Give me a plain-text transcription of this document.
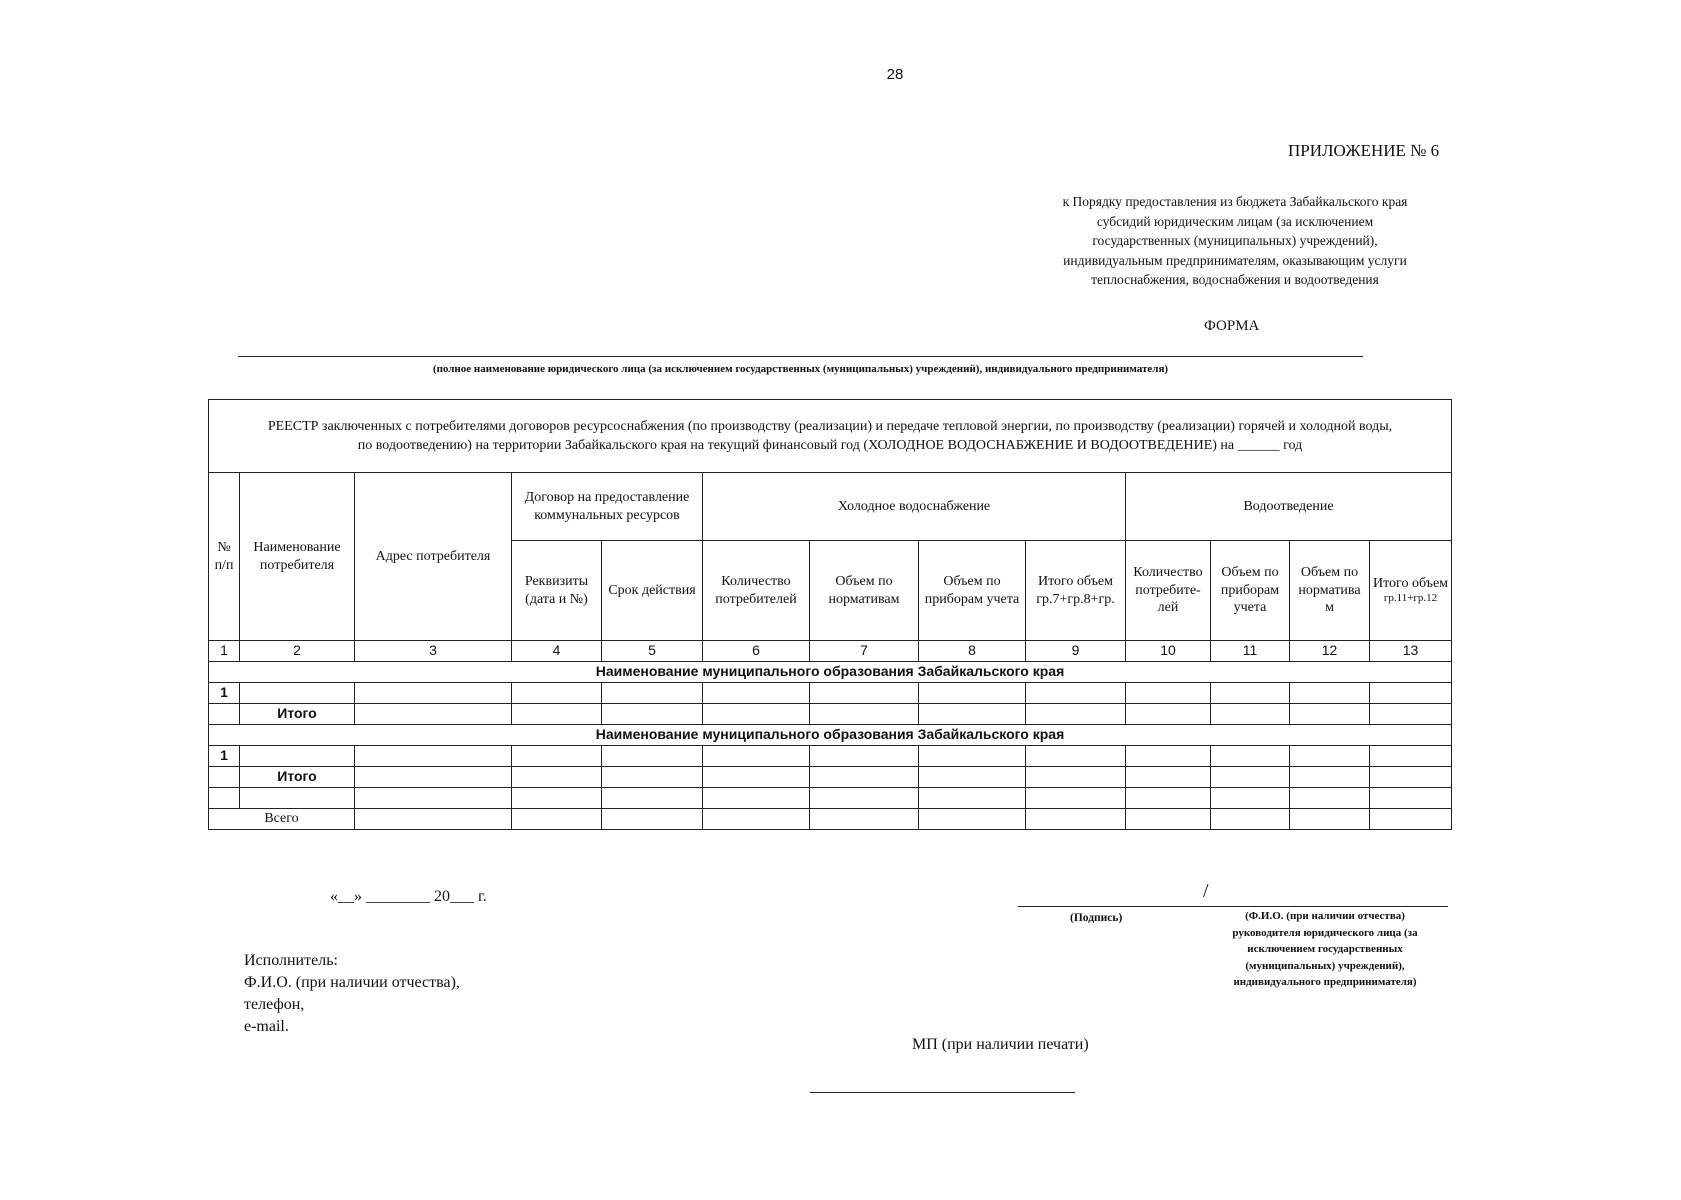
28
ПРИЛОЖЕНИЕ № 6
к Порядку предоставления из бюджета Забайкальского края
субсидий юридическим лицам (за исключением
государственных (муниципальных) учреждений),
индивидуальным предпринимателям, оказывающим услуги
теплоснабжения, водоснабжения и водоотведения
ФОРМА
(полное наименование юридического лица (за исключением государственных (муниципальных) учреждений), индивидуального предпринимателя)
РЕЕСТР заключенных с потребителями договоров ресурсоснабжения (по производству (реализации) и передаче тепловой энергии, по производству (реализации) горячей и холодной воды,
по водоотведению) на территории Забайкальского края на текущий финансовый год (ХОЛОДНОЕ ВОДОСНАБЖЕНИЕ И ВОДООТВЕДЕНИЕ) на ______ год												

№ п/п	Наименование потребителя	Адрес потребителя	Договор на предоставление коммунальных ресурсов		Холодное водоснабжение				Водоотведение			
			Реквизиты (дата и №)	Срок действия	Количество потребителей	Объем по нормативам	Объем по приборам учета	Итого объем гр.7+гр.8+гр.	Количество потребите-лей	Объем по приборам учета	Объем по норматива м	Итого объем
гр.11+гр.12

1	2	3	4	5	6	7	8	9	10	11	12	13
Наименование муниципального образования Забайкальского края												
1												
	Итого											
Наименование муниципального образования Забайкальского края												
1												
	Итого											

Всего												
«__» ________ 20___ г.	/
(Подпись)	(Ф.И.О. (при наличии отчества)
руководителя юридического лица (за
исключением государственных
(муниципальных) учреждений),
индивидуального предпринимателя)
Исполнитель:
Ф.И.О. (при наличии отчества),
телефон,
e-mail.
МП (при наличии печати)
